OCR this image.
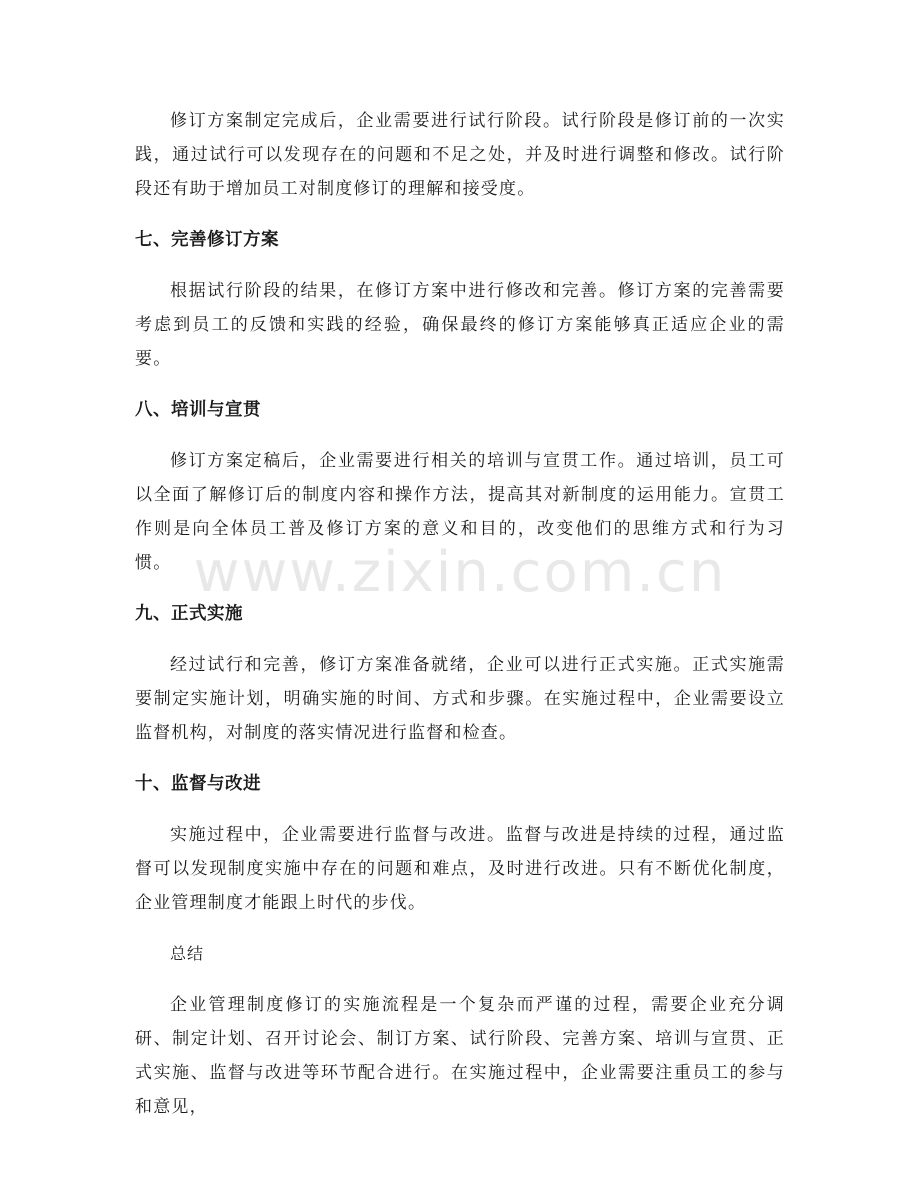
修订方案制定完成后，企业需要进行试行阶段。试行阶段是修订前的一次实践，通过试行可以发现存在的问题和不足之处，并及时进行调整和修改。试行阶段还有助于增加员工对制度修订的理解和接受度。

七、完善修订方案

根据试行阶段的结果，在修订方案中进行修改和完善。修订方案的完善需要考虑到员工的反馈和实践的经验，确保最终的修订方案能够真正适应企业的需要。

八、培训与宣贯

修订方案定稿后，企业需要进行相关的培训与宣贯工作。通过培训，员工可以全面了解修订后的制度内容和操作方法，提高其对新制度的运用能力。宣贯工作则是向全体员工普及修订方案的意义和目的，改变他们的思维方式和行为习惯。

九、正式实施

经过试行和完善，修订方案准备就绪，企业可以进行正式实施。正式实施需要制定实施计划，明确实施的时间、方式和步骤。在实施过程中，企业需要设立监督机构，对制度的落实情况进行监督和检查。

十、监督与改进

实施过程中，企业需要进行监督与改进。监督与改进是持续的过程，通过监督可以发现制度实施中存在的问题和难点，及时进行改进。只有不断优化制度，企业管理制度才能跟上时代的步伐。

总结

企业管理制度修订的实施流程是一个复杂而严谨的过程，需要企业充分调研、制定计划、召开讨论会、制订方案、试行阶段、完善方案、培训与宣贯、正式实施、监督与改进等环节配合进行。在实施过程中，企业需要注重员工的参与和意见，

www.zixin.com.cn
